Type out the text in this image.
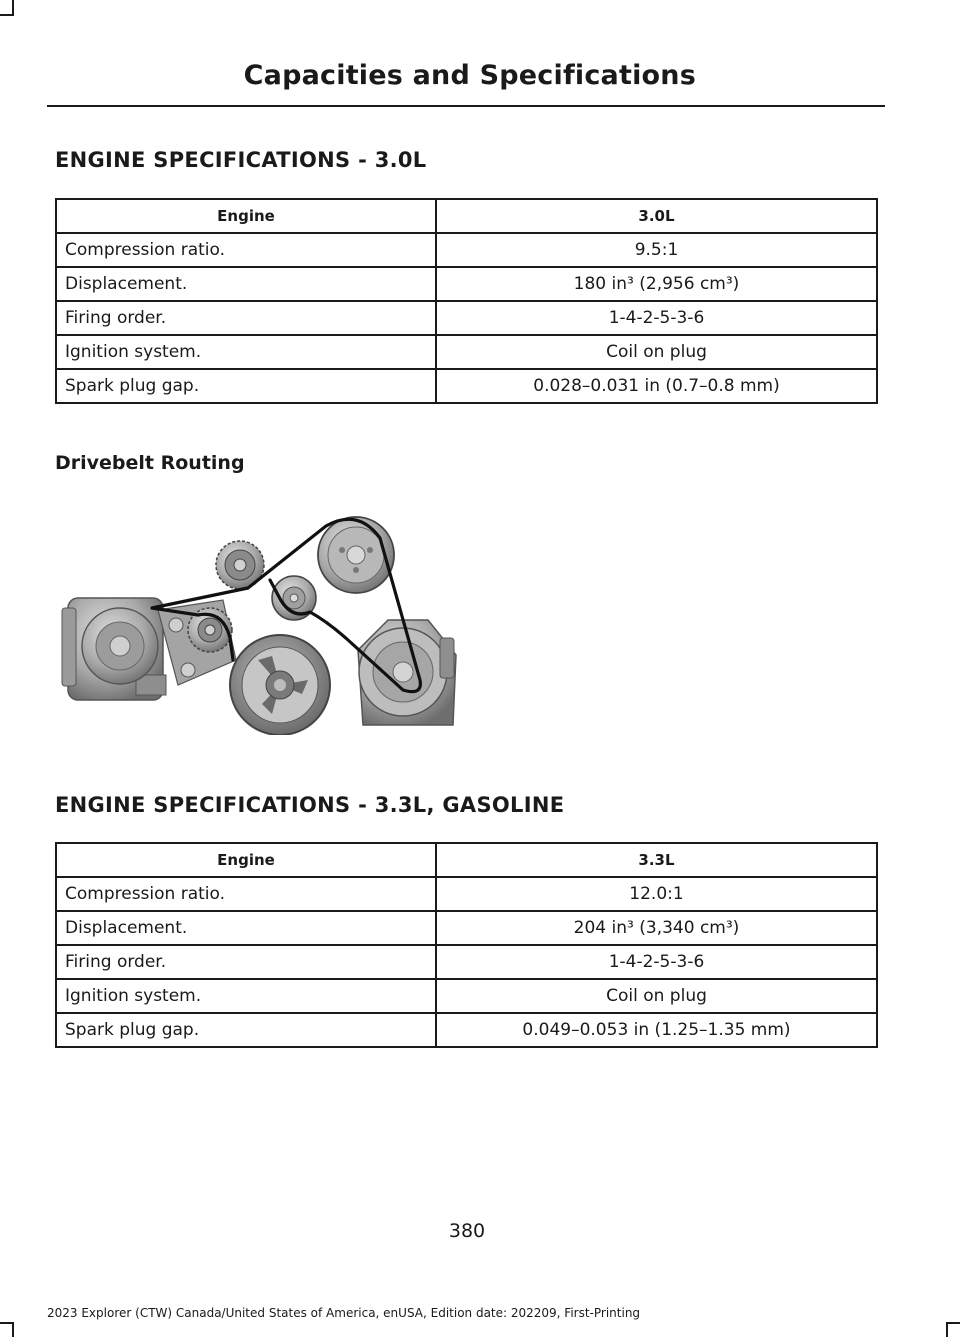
Capacities and Specifications
ENGINE SPECIFICATIONS - 3.0L
Engine	3.0L
Compression ratio.	9.5:1
Displacement.	180 in³ (2,956 cm³)
Firing order.	1-4-2-5-3-6
Ignition system.	Coil on plug
Spark plug gap.	0.028–0.031 in (0.7–0.8 mm)
Drivebelt Routing
ENGINE SPECIFICATIONS - 3.3L, GASOLINE
Engine	3.3L
Compression ratio.	12.0:1
Displacement.	204 in³ (3,340 cm³)
Firing order.	1-4-2-5-3-6
Ignition system.	Coil on plug
Spark plug gap.	0.049–0.053 in (1.25–1.35 mm)
380
2023 Explorer (CTW) Canada/United States of America, enUSA, Edition date: 202209, First-Printing
